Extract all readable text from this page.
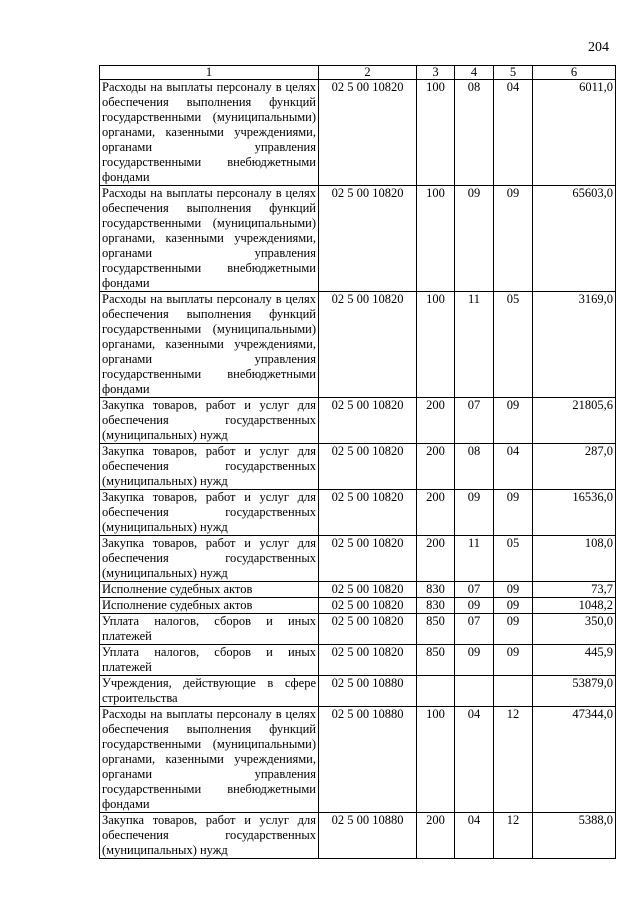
204
1	2	3	4	5	6
Расходы на выплаты персоналу в целях обеспечения выполнения функций государственными (муниципальными) органами, казенными учреждениями, органами управления государственными внебюджетными фондами	02 5 00 10820	100	08	04	6011,0
Расходы на выплаты персоналу в целях обеспечения выполнения функций государственными (муниципальными) органами, казенными учреждениями, органами управления государственными внебюджетными фондами	02 5 00 10820	100	09	09	65603,0
Расходы на выплаты персоналу в целях обеспечения выполнения функций государственными (муниципальными) органами, казенными учреждениями, органами управления государственными внебюджетными фондами	02 5 00 10820	100	11	05	3169,0
Закупка товаров, работ и услуг для обеспечения государственных (муниципальных) нужд	02 5 00 10820	200	07	09	21805,6
Закупка товаров, работ и услуг для обеспечения государственных (муниципальных) нужд	02 5 00 10820	200	08	04	287,0
Закупка товаров, работ и услуг для обеспечения государственных (муниципальных) нужд	02 5 00 10820	200	09	09	16536,0
Закупка товаров, работ и услуг для обеспечения государственных (муниципальных) нужд	02 5 00 10820	200	11	05	108,0
Исполнение судебных актов	02 5 00 10820	830	07	09	73,7
Исполнение судебных актов	02 5 00 10820	830	09	09	1048,2
Уплата налогов, сборов и иных платежей	02 5 00 10820	850	07	09	350,0
Уплата налогов, сборов и иных платежей	02 5 00 10820	850	09	09	445,9
Учреждения, действующие в сфере строительства	02 5 00 10880				53879,0
Расходы на выплаты персоналу в целях обеспечения выполнения функций государственными (муниципальными) органами, казенными учреждениями, органами управления государственными внебюджетными фондами	02 5 00 10880	100	04	12	47344,0
Закупка товаров, работ и услуг для обеспечения государственных (муниципальных) нужд	02 5 00 10880	200	04	12	5388,0
